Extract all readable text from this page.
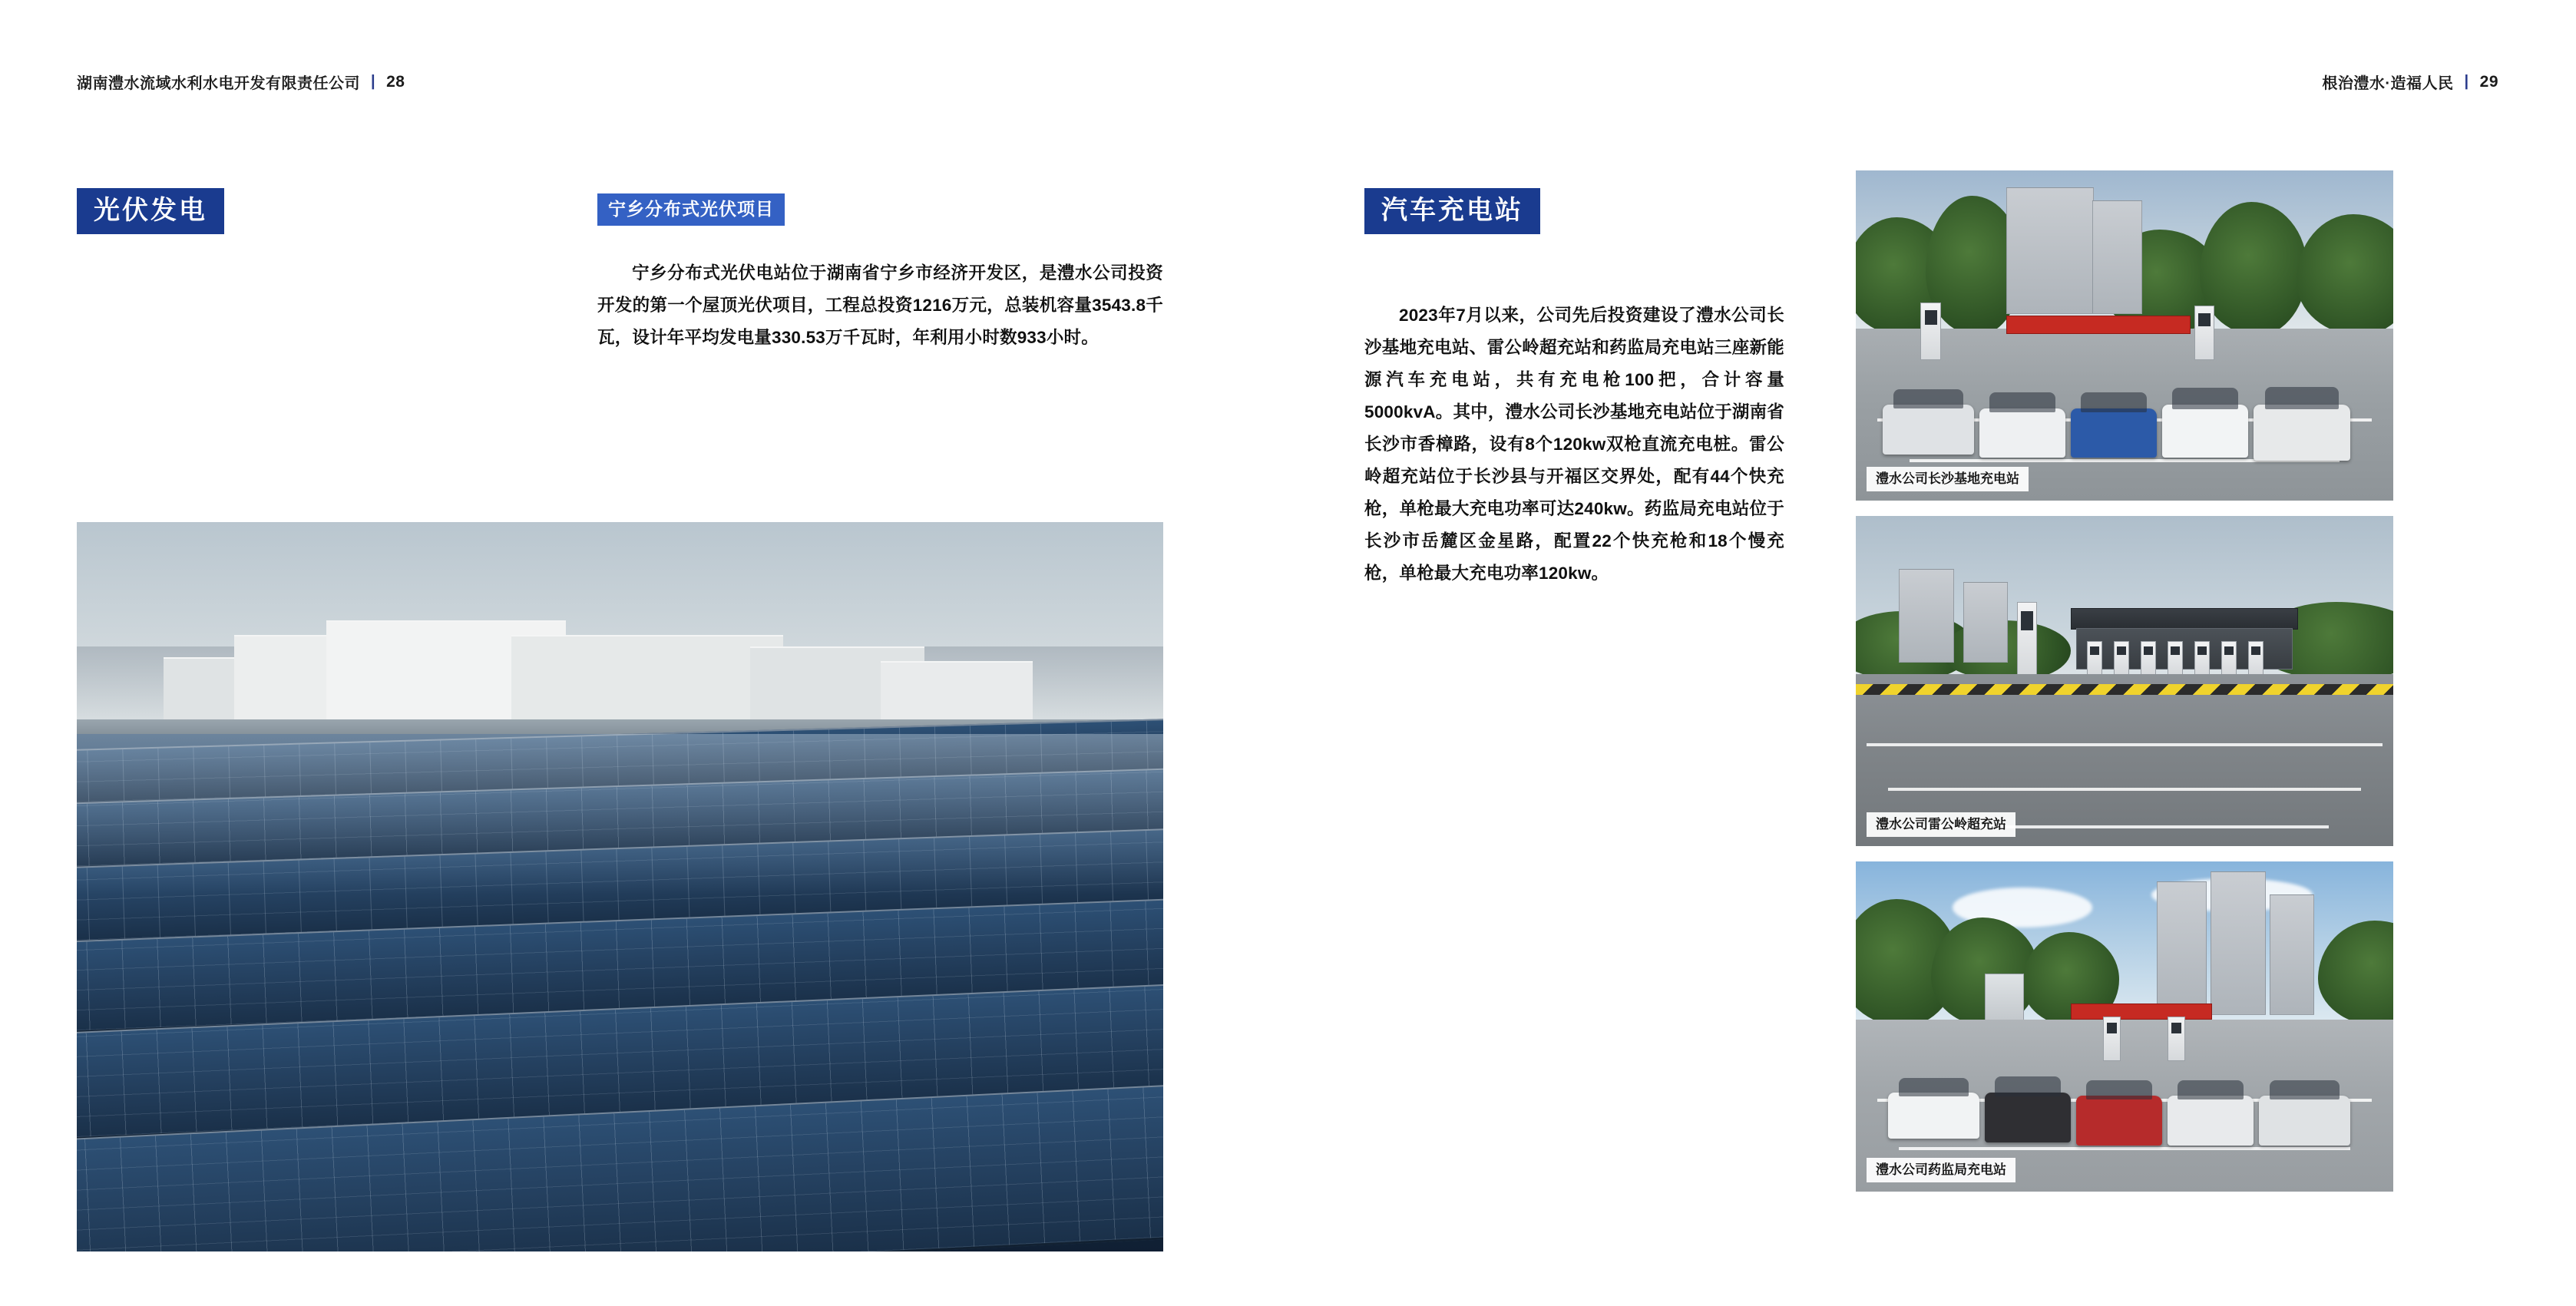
湖南澧水流域水利水电开发有限责任公司 | 28
光伏发电	宁乡分布式光伏项目

宁乡分布式光伏电站位于湖南省宁乡市经济开发区，是澧水公司投资开发的第一个屋顶光伏项目，工程总投资1216万元，总装机容量3543.8千瓦，设计年平均发电量330.53万千瓦时，年利用小时数933小时。

根治澧水·造福人民 | 29
汽车充电站

2023年7月以来，公司先后投资建设了澧水公司长沙基地充电站、雷公岭超充站和药监局充电站三座新能源汽车充电站，共有充电枪100把，合计容量5000kvA。其中，澧水公司长沙基地充电站位于湖南省长沙市香樟路，设有8个120kw双枪直流充电桩。雷公岭超充站位于长沙县与开福区交界处，配有44个快充枪，单枪最大充电功率可达240kw。药监局充电站位于长沙市岳麓区金星路，配置22个快充枪和18个慢充枪，单枪最大充电功率120kw。

澧水公司长沙基地充电站
澧水公司雷公岭超充站
澧水公司药监局充电站
